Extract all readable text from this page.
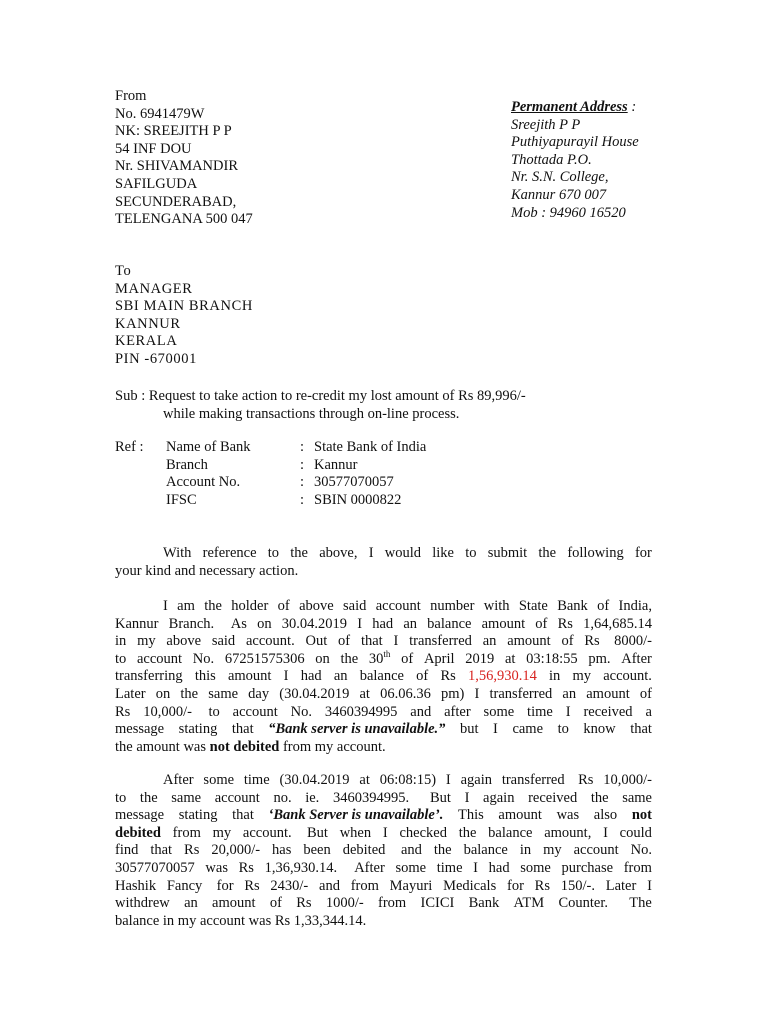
From
No. 6941479W
NK: SREEJITH P P
54 INF DOU
Nr. SHIVAMANDIR
SAFILGUDA
SECUNDERABAD,
TELENGANA 500 047
Permanent Address :
Sreejith P P
Puthiyapurayil House
Thottada P.O.
Nr. S.N. College,
Kannur 670 007
Mob : 94960 16520
To
MANAGER
SBI MAIN BRANCH
KANNUR
KERALA
PIN -670001
Sub : Request to take action to re-credit my lost amount of Rs 89,996/-
while making transactions through on-line process.
Ref :	Name of Bank	: State Bank of India
Branch	: Kannur
Account No.	: 30577070057
IFSC	: SBIN 0000822
With reference to the above, I would like to submit the following for
your kind and necessary action.
I am the holder of above said account number with State Bank of India,
Kannur Branch. As on 30.04.2019 I had an balance amount of Rs 1,64,685.14
in my above said account. Out of that I transferred an amount of Rs 8000/-
to account No. 67251575306 on the 30th of April 2019 at 03:18:55 pm. After
transferring this amount I had an balance of Rs 1,56,930.14 in my account.
Later on the same day (30.04.2019 at 06.06.36 pm) I transferred an amount of
Rs 10,000/- to account No. 3460394995 and after some time I received a
message stating that “Bank server is unavailable.” but I came to know that
the amount was not debited from my account.
After some time (30.04.2019 at 06:08:15) I again transferred Rs 10,000/-
to the same account no. ie. 3460394995. But I again received the same
message stating that ‘Bank Server is unavailable’. This amount was also not
debited from my account. But when I checked the balance amount, I could
find that Rs 20,000/- has been debited and the balance in my account No.
30577070057 was Rs 1,36,930.14. After some time I had some purchase from
Hashik Fancy for Rs 2430/- and from Mayuri Medicals for Rs 150/-. Later I
withdrew an amount of Rs 1000/- from ICICI Bank ATM Counter. The
balance in my account was Rs 1,33,344.14.
